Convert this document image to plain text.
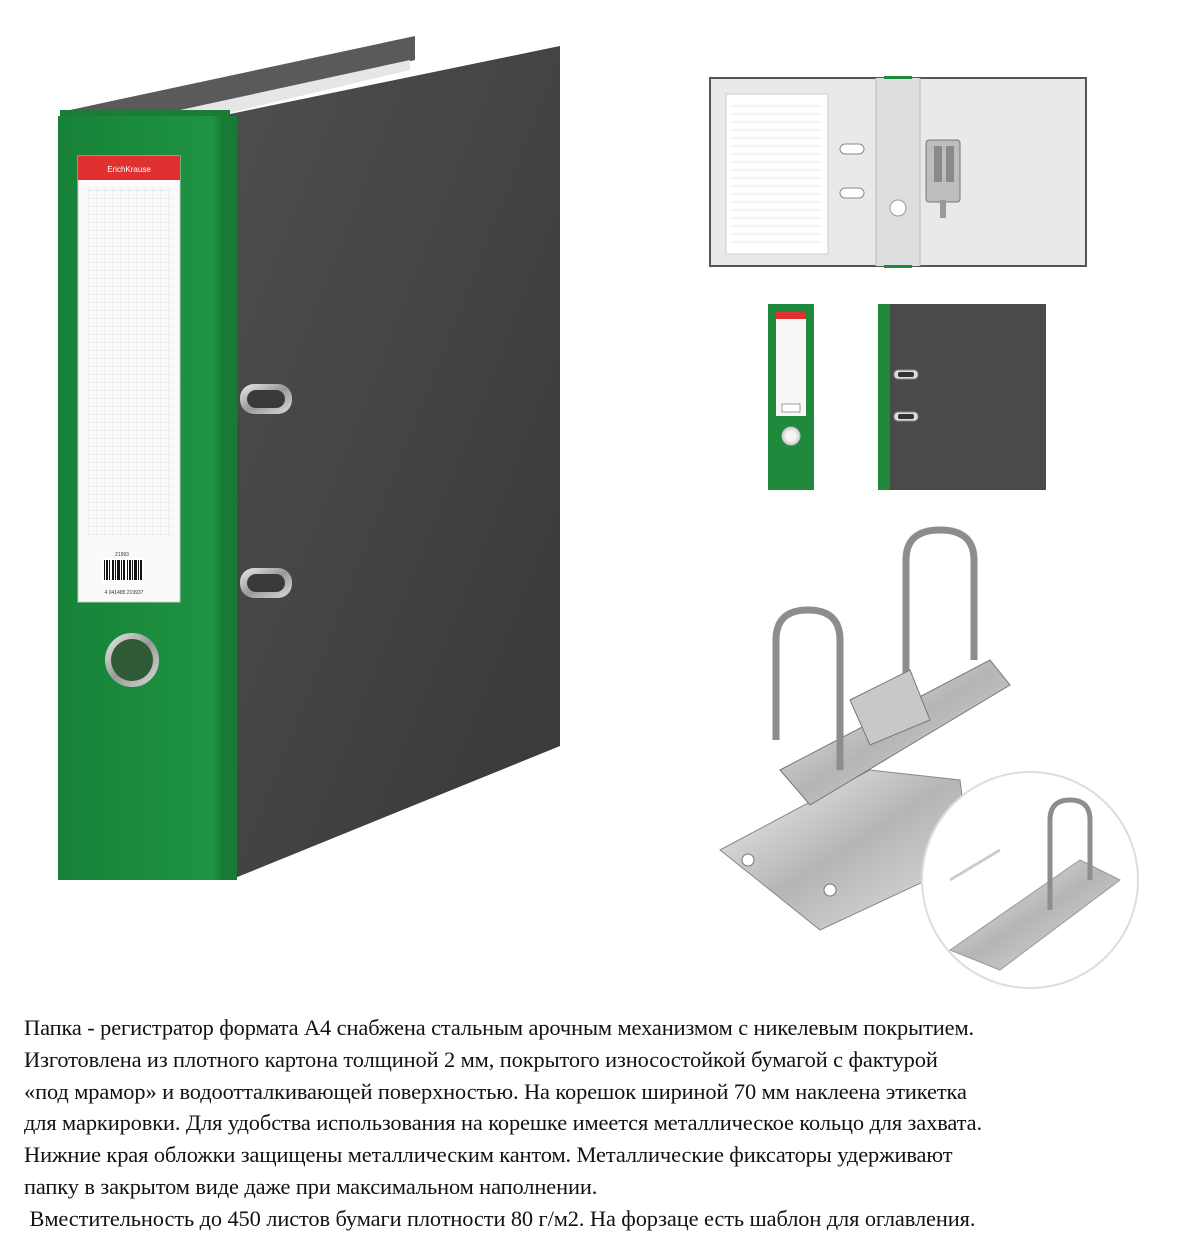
ErichKrause
21993
4 041485 219937

Папка - регистратор формата А4 снабжена стальным арочным механизмом с никелевым покрытием.

Изготовлена из плотного картона толщиной 2 мм, покрытого износостойкой бумагой с фактурой

«под мрамор» и водоотталкивающей поверхностью. На корешок шириной 70 мм наклеена этикетка

для маркировки. Для удобства использования на корешке имеется металлическое кольцо для захвата.

Нижние края обложки защищены металлическим кантом. Металлические фиксаторы удерживают

папку в закрытом виде даже при максимальном наполнении.

Вместительность до 450 листов бумаги плотности 80 г/м2. На форзаце есть шаблон для оглавления.
